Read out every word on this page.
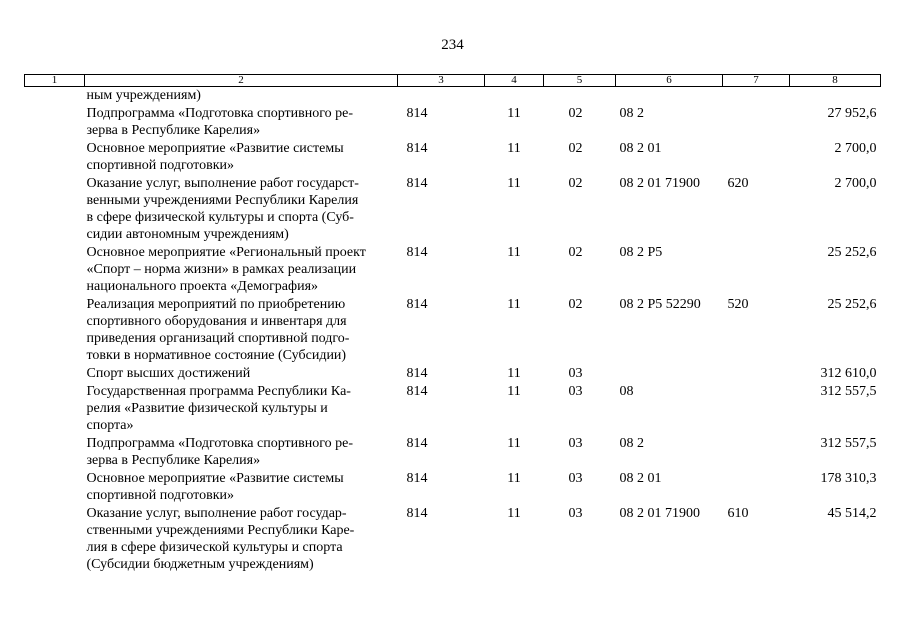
234
1	2	3	4	5	6	7	8
	ным учреждениям)						
	Подпрограмма «Подготовка спортивного ре-
зерва в Республике Карелия»	814	11	02	08 2		27 952,6
	Основное мероприятие «Развитие системы
спортивной подготовки»	814	11	02	08 2 01		2 700,0
	Оказание услуг, выполнение работ государст-
венными учреждениями Республики Карелия
в сфере физической культуры и спорта (Суб-
сидии автономным учреждениям)	814	11	02	08 2 01 71900	620	2 700,0
	Основное мероприятие «Региональный проект
«Спорт – норма жизни» в рамках реализации
национального проекта «Демография»	814	11	02	08 2 P5		25 252,6
	Реализация мероприятий по приобретению
спортивного оборудования и инвентаря для
приведения организаций спортивной подго-
товки в нормативное состояние (Субсидии)	814	11	02	08 2 P5 52290	520	25 252,6
	Спорт высших достижений	814	11	03			312 610,0
	Государственная программа Республики Ка-
релия «Развитие физической культуры и
спорта»	814	11	03	08		312 557,5
	Подпрограмма «Подготовка спортивного ре-
зерва в Республике Карелия»	814	11	03	08 2		312 557,5
	Основное мероприятие «Развитие системы
спортивной подготовки»	814	11	03	08 2 01		178 310,3
	Оказание услуг, выполнение работ государ-
ственными учреждениями Республики Каре-
лия в сфере физической культуры и спорта
(Субсидии бюджетным учреждениям)	814	11	03	08 2 01 71900	610	45 514,2
